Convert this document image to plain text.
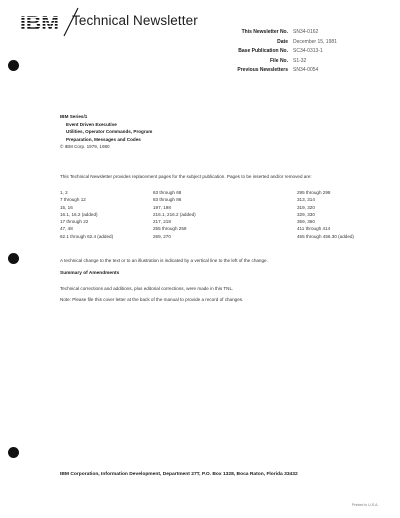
IBM Technical Newsletter
This Newsletter No. SN34-0162
Date December 15, 1981
Base Publication No. SC34-0313-1
File No. S1-32
Previous Newsletters SN34-0054
IBM Series/1
Event Driven Executive
Utilities, Operator Commands, Program
Preparation, Messages and Codes
© IBM Corp. 1979, 1980
This Technical Newsletter provides replacement pages for the subject publication. Pages to be inserted and/or removed are:
1, 2
7 through 12
15, 16
16.1, 16.2 (added)
17 through 22
47, 48
62.1 through 62.4 (added)
63 through 68
83 through 86
197, 198
216.1, 216.2 (added)
217, 218
255 through 259
269, 270
295 through 298
313, 314
319, 320
329, 330
359, 360
411 through 414
455 through 456.30 (added)
A technical change to the text or to an illustration is indicated by a vertical line to the left of the change.
Summary of Amendments
Technical corrections and additions, plus editorial corrections, were made in this TNL.
Note: Please file this cover letter at the back of the manual to provide a record of changes.
IBM Corporation, Information Development, Department 27T, P.O. Box 1328, Boca Raton, Florida 33432
Printed in U.S.A.
